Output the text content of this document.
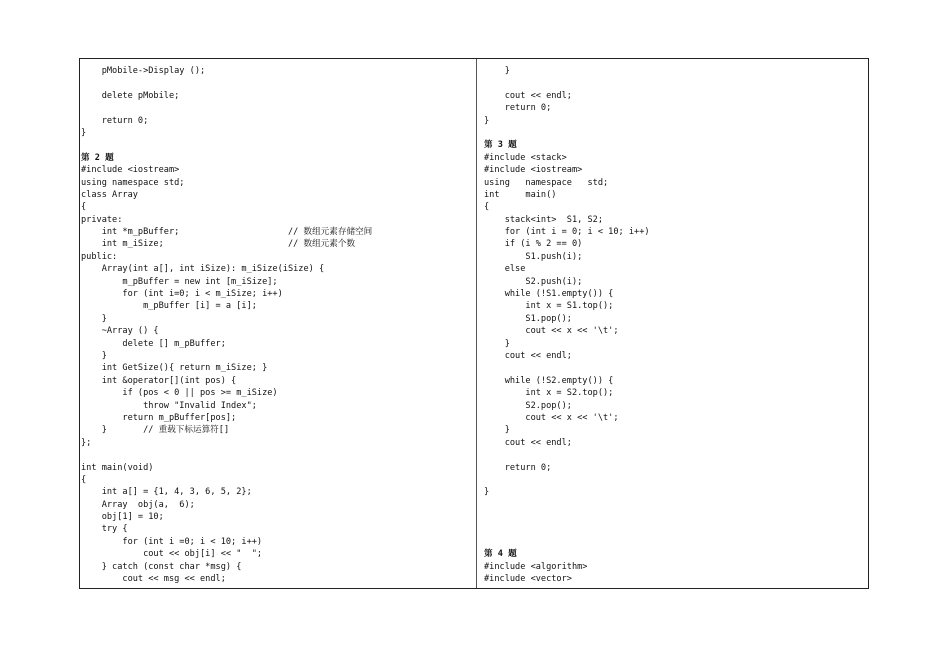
pMobile->Display ();
delete pMobile;
return 0;
}
第 2 题
#include <iostream>
using namespace std;
class Array
{
private:
int *m_pBuffer;                     // 数组元素存储空间
int m_iSize;                        // 数组元素个数
public:
Array(int a[], int iSize): m_iSize(iSize) {
m_pBuffer = new int [m_iSize];
for (int i=0; i < m_iSize; i++)
m_pBuffer [i] = a [i];
}
~Array () {
delete [] m_pBuffer;
}
int GetSize(){ return m_iSize; }
int &operator[](int pos) {
if (pos < 0 || pos >= m_iSize)
throw "Invalid Index";
return m_pBuffer[pos];
}       // 重载下标运算符[]
};
int main(void)
{
int a[] = {1, 4, 3, 6, 5, 2};
Array  obj(a,  6);
obj[1] = 10;
try {
for (int i =0; i < 10; i++)
cout << obj[i] << "  ";
} catch (const char *msg) {
cout << msg << endl;
}
cout << endl;
return 0;
}
第 3 题
#include <stack>
#include <iostream>
using   namespace   std;
int     main()
{
stack<int>  S1, S2;
for (int i = 0; i < 10; i++)
if (i % 2 == 0)
S1.push(i);
else
S2.push(i);
while (!S1.empty()) {
int x = S1.top();
S1.pop();
cout << x << '\t';
}
cout << endl;
while (!S2.empty()) {
int x = S2.top();
S2.pop();
cout << x << '\t';
}
cout << endl;
return 0;
}
第 4 题
#include <algorithm>
#include <vector>
